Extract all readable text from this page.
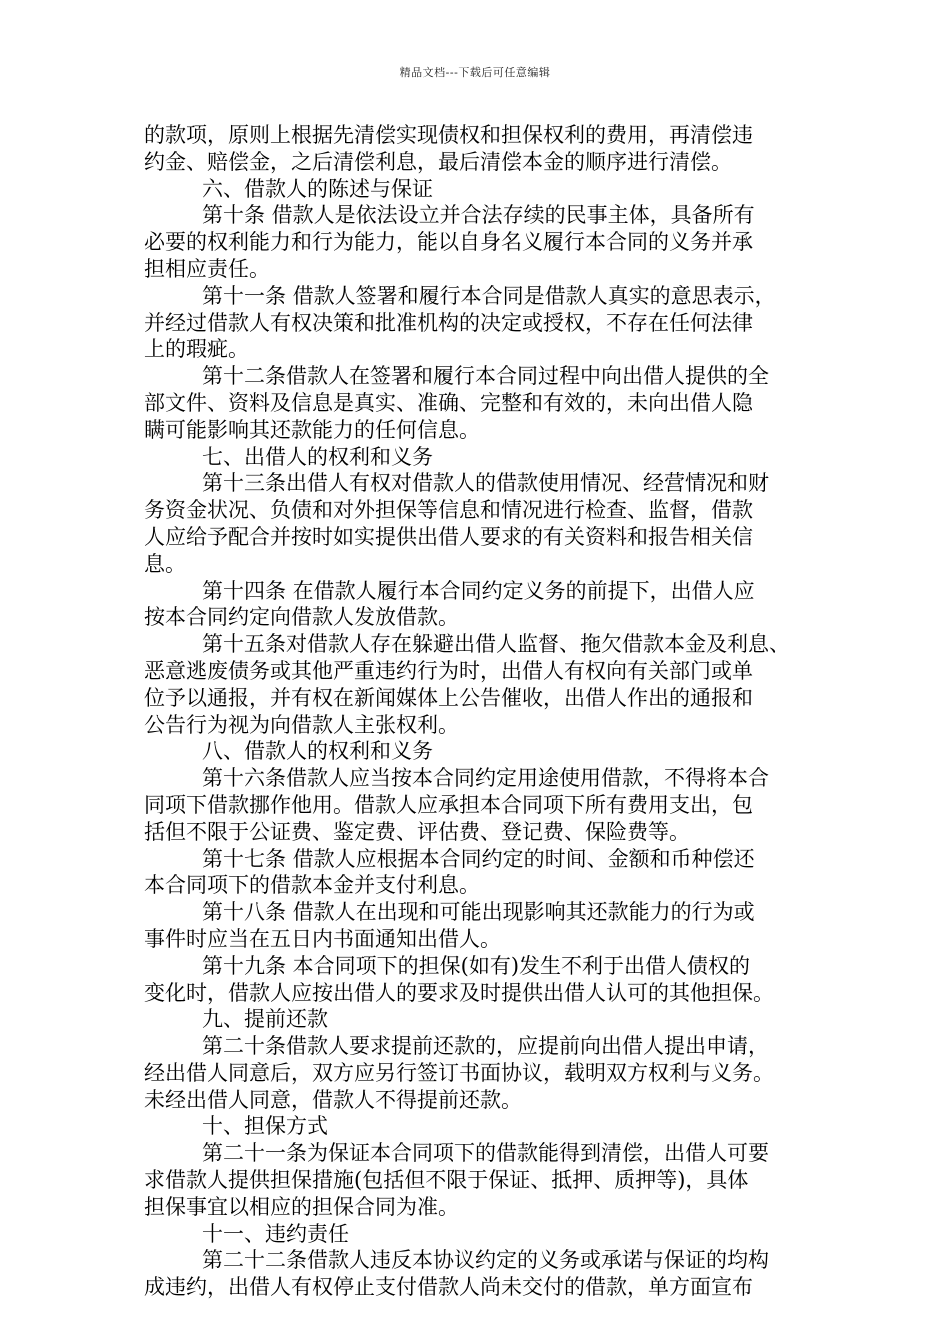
精品文档---下载后可任意编辑
的款项，原则上根据先清偿实现债权和担保权利的费用，再清偿违
约金、赔偿金，之后清偿利息，最后清偿本金的顺序进行清偿。
六、借款人的陈述与保证
第十条 借款人是依法设立并合法存续的民事主体，具备所有
必要的权利能力和行为能力，能以自身名义履行本合同的义务并承
担相应责任。
第十一条 借款人签署和履行本合同是借款人真实的意思表示，
并经过借款人有权决策和批准机构的决定或授权，不存在任何法律
上的瑕疵。
第十二条借款人在签署和履行本合同过程中向出借人提供的全
部文件、资料及信息是真实、准确、完整和有效的，未向出借人隐
瞒可能影响其还款能力的任何信息。
七、出借人的权利和义务
第十三条出借人有权对借款人的借款使用情况、经营情况和财
务资金状况、负债和对外担保等信息和情况进行检查、监督，借款
人应给予配合并按时如实提供出借人要求的有关资料和报告相关信
息。
第十四条 在借款人履行本合同约定义务的前提下，出借人应
按本合同约定向借款人发放借款。
第十五条对借款人存在躲避出借人监督、拖欠借款本金及利息、
恶意逃废债务或其他严重违约行为时，出借人有权向有关部门或单
位予以通报，并有权在新闻媒体上公告催收，出借人作出的通报和
公告行为视为向借款人主张权利。
八、借款人的权利和义务
第十六条借款人应当按本合同约定用途使用借款，不得将本合
同项下借款挪作他用。借款人应承担本合同项下所有费用支出，包
括但不限于公证费、鉴定费、评估费、登记费、保险费等。
第十七条 借款人应根据本合同约定的时间、金额和币种偿还
本合同项下的借款本金并支付利息。
第十八条 借款人在出现和可能出现影响其还款能力的行为或
事件时应当在五日内书面通知出借人。
第十九条 本合同项下的担保(如有)发生不利于出借人债权的
变化时，借款人应按出借人的要求及时提供出借人认可的其他担保。
九、提前还款
第二十条借款人要求提前还款的，应提前向出借人提出申请，
经出借人同意后，双方应另行签订书面协议，载明双方权利与义务。
未经出借人同意，借款人不得提前还款。
十、担保方式
第二十一条为保证本合同项下的借款能得到清偿，出借人可要
求借款人提供担保措施(包括但不限于保证、抵押、质押等)，具体
担保事宜以相应的担保合同为准。
十一、违约责任
第二十二条借款人违反本协议约定的义务或承诺与保证的均构
成违约，出借人有权停止支付借款人尚未交付的借款，单方面宣布
